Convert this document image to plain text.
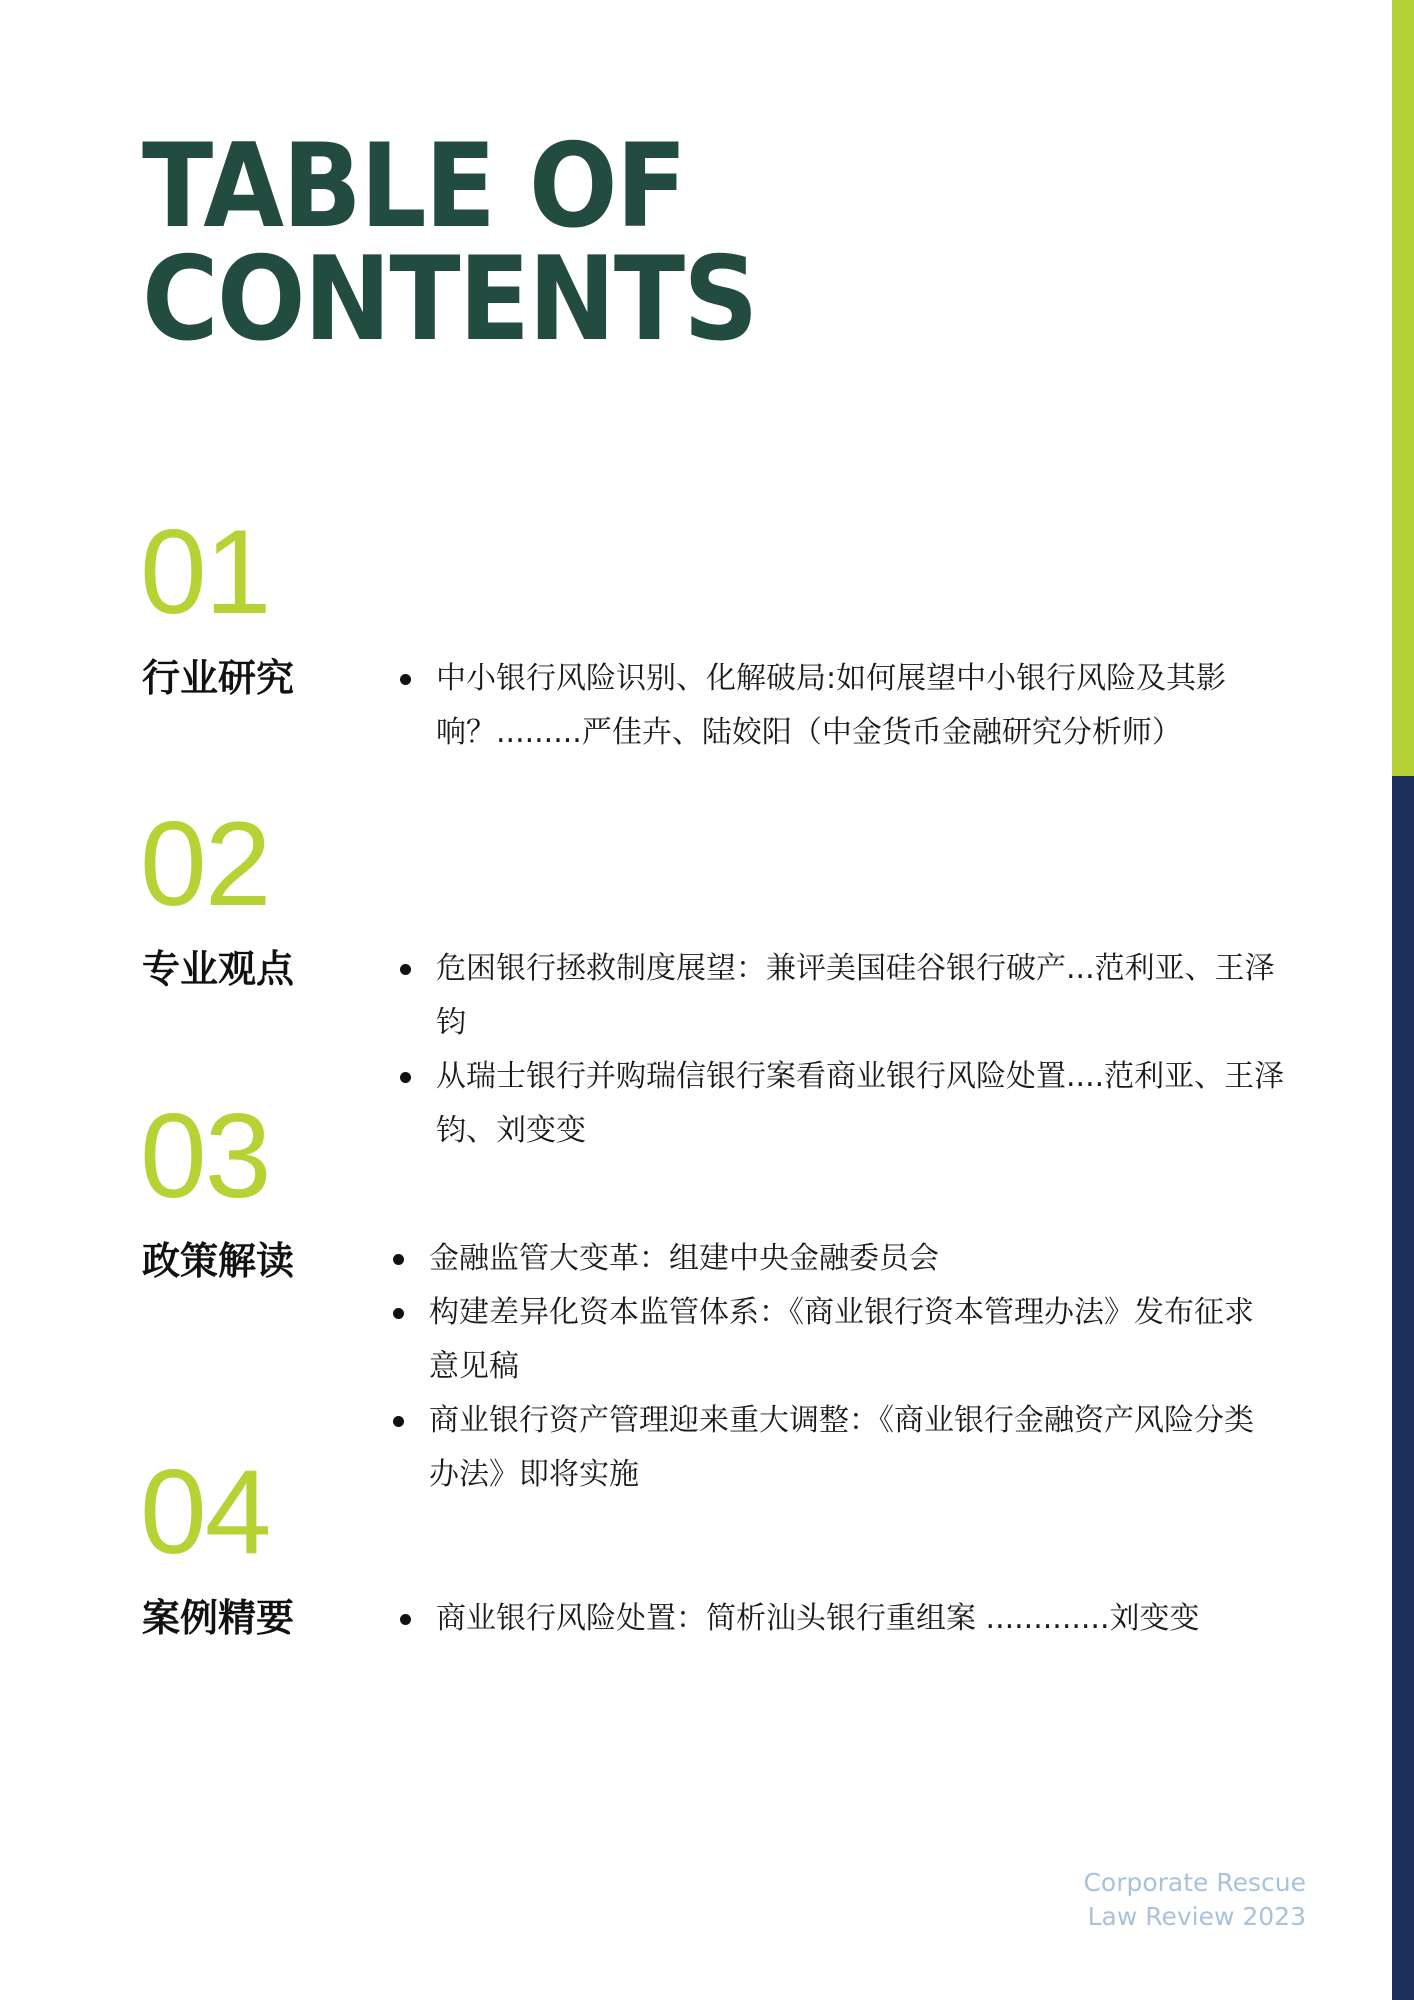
TABLE OF
CONTENTS
01
行业研究	中小银行风险识别、化解破局:如何展望中小银行风险及其影响？.........严佳卉、陆姣阳（中金货币金融研究分析师）
02
专业观点	危困银行拯救制度展望：兼评美国硅谷银行破产...范利亚、王泽钧
从瑞士银行并购瑞信银行案看商业银行风险处置....范利亚、王泽钧、刘变变
03
政策解读	金融监管大变革：组建中央金融委员会
构建差异化资本监管体系：《商业银行资本管理办法》发布征求意见稿
商业银行资产管理迎来重大调整：《商业银行金融资产风险分类办法》即将实施
04
案例精要	商业银行风险处置：简析汕头银行重组案 .............刘变变
Corporate Rescue
Law Review 2023
